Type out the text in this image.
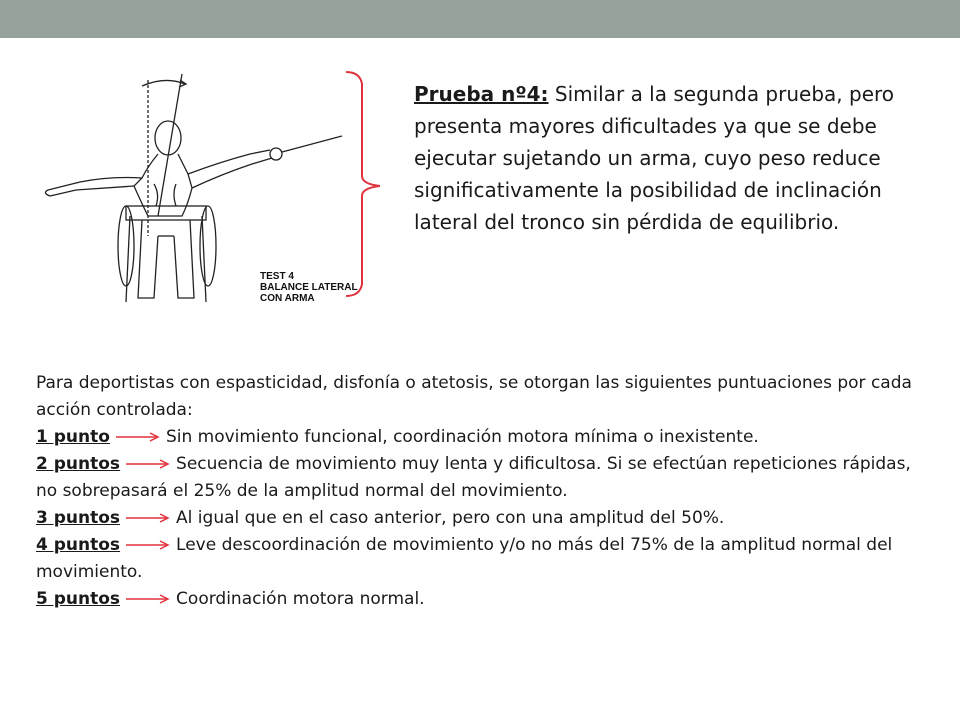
TEST 4
BALANCE LATERAL
CON ARMA
Prueba nº4: Similar a la segunda prueba, pero presenta mayores dificultades ya que se debe ejecutar sujetando un arma, cuyo peso reduce significativamente la posibilidad de inclinación lateral del tronco sin pérdida de equilibrio.
Para deportistas con espasticidad, disfonía o atetosis, se otorgan las siguientes puntuaciones por cada acción controlada:
1 punto	Sin movimiento funcional, coordinación motora mínima o inexistente.
2 puntos	Secuencia de movimiento muy lenta y dificultosa. Si se efectúan repeticiones rápidas, no sobrepasará el 25% de la amplitud normal del movimiento.
3 puntos	Al igual que en el caso anterior, pero con una amplitud del 50%.
4 puntos	Leve descoordinación de movimiento y/o no más del 75% de la amplitud normal del movimiento.
5 puntos	Coordinación motora normal.
